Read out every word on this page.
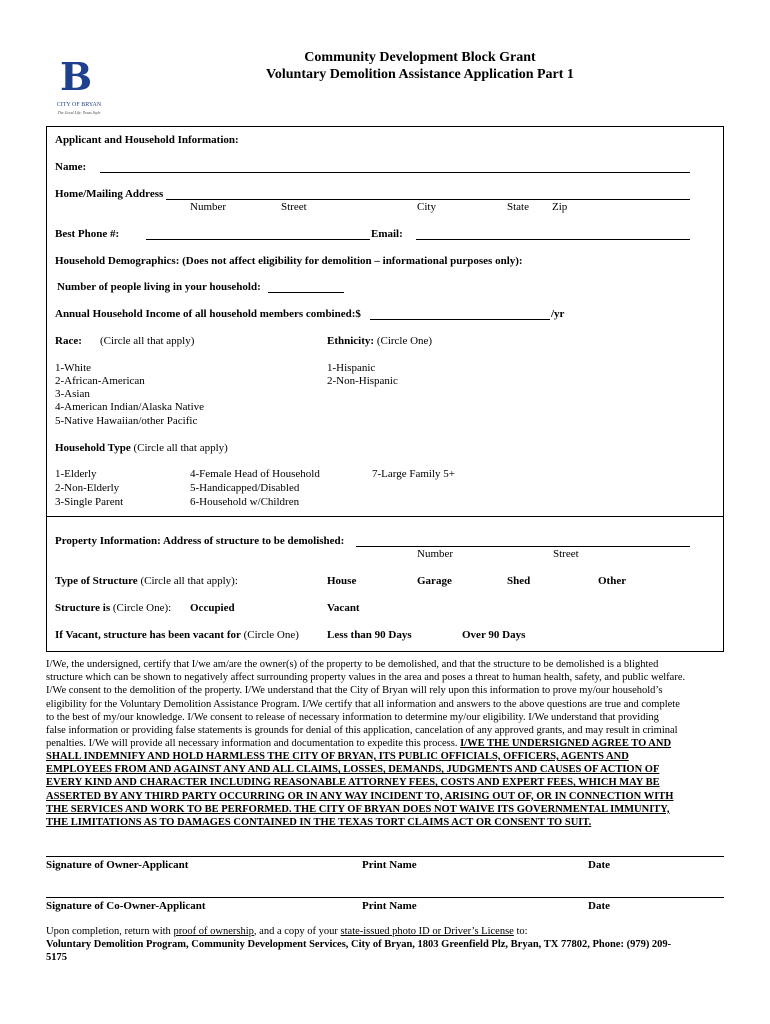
B
CITY OF BRYAN
The Good Life, Texas Style
Community Development Block Grant
Voluntary Demolition Assistance Application Part 1
Applicant and Household Information:
Name:
Home/Mailing Address
Number	Street	City	State Zip
Best Phone #:	Email:
Household Demographics: (Does not affect eligibility for demolition – informational purposes only):
Number of people living in your household:
Annual Household Income of all household members combined:$	/yr
Race: (Circle all that apply)	Ethnicity: (Circle One)
1-White
2-African-American
3-Asian
4-American Indian/Alaska Native
5-Native Hawaiian/other Pacific
1-Hispanic
2-Non-Hispanic
Household Type (Circle all that apply)
1-Elderly
2-Non-Elderly
3-Single Parent
4-Female Head of Household
5-Handicapped/Disabled
6-Household w/Children
7-Large Family 5+
Property Information: Address of structure to be demolished:
Number	Street
Type of Structure (Circle all that apply):	House	Garage	Shed	Other
Structure is (Circle One): Occupied	Vacant
If Vacant, structure has been vacant for (Circle One)	Less than 90 Days	Over 90 Days
I/We, the undersigned, certify that I/we am/are the owner(s) of the property to be demolished, and that the structure to be demolished is a blighted
structure which can be shown to negatively affect surrounding property values in the area and poses a threat to human health, safety, and public welfare.
I/We consent to the demolition of the property. I/We understand that the City of Bryan will rely upon this information to prove my/our household’s
eligibility for the Voluntary Demolition Assistance Program. I/We certify that all information and answers to the above questions are true and complete
to the best of my/our knowledge. I/We consent to release of necessary information to determine my/our eligibility. I/We understand that providing
false information or providing false statements is grounds for denial of this application, cancelation of any approved grants, and may result in criminal
penalties. I/We will provide all necessary information and documentation to expedite this process. I/WE THE UNDERSIGNED AGREE TO AND
SHALL INDEMNIFY AND HOLD HARMLESS THE CITY OF BRYAN, ITS PUBLIC OFFICIALS, OFFICERS, AGENTS AND
EMPLOYEES FROM AND AGAINST ANY AND ALL CLAIMS, LOSSES, DEMANDS, JUDGMENTS AND CAUSES OF ACTION OF
EVERY KIND AND CHARACTER INCLUDING REASONABLE ATTORNEY FEES, COSTS AND EXPERT FEES, WHICH MAY BE
ASSERTED BY ANY THIRD PARTY OCCURRING OR IN ANY WAY INCIDENT TO, ARISING OUT OF, OR IN CONNECTION WITH
THE SERVICES AND WORK TO BE PERFORMED. THE CITY OF BRYAN DOES NOT WAIVE ITS GOVERNMENTAL IMMUNITY,
THE LIMITATIONS AS TO DAMAGES CONTAINED IN THE TEXAS TORT CLAIMS ACT OR CONSENT TO SUIT.
Signature of Owner-Applicant	Print Name	Date
Signature of Co-Owner-Applicant	Print Name	Date
Upon completion, return with proof of ownership, and a copy of your state-issued photo ID or Driver’s License to:
Voluntary Demolition Program, Community Development Services, City of Bryan, 1803 Greenfield Plz, Bryan, TX 77802, Phone: (979) 209-
5175
